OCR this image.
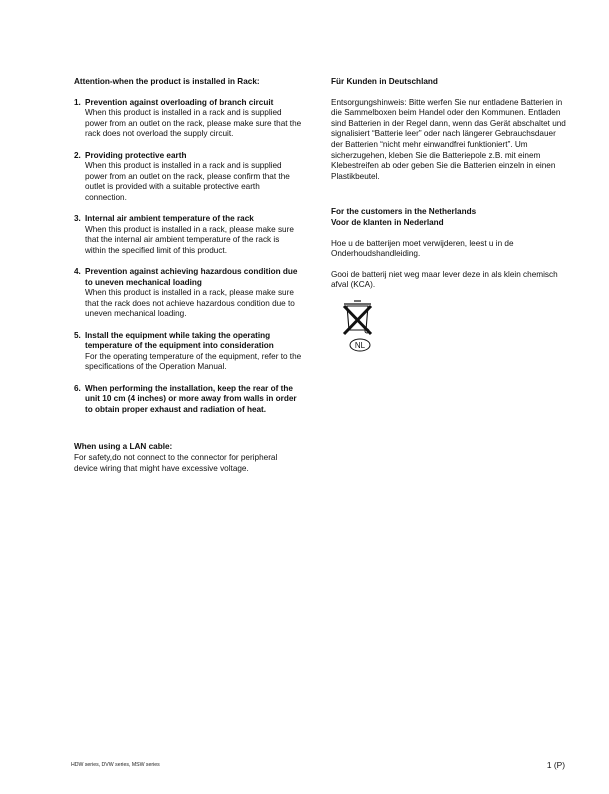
Attention-when the product is installed in Rack:

1. Prevention against overloading of branch circuit
When this product is installed in a rack and is supplied power from an outlet on the rack, please make sure that the rack does not overload the supply circuit.
2. Providing protective earth
When this product is installed in a rack and is supplied power from an outlet on the rack, please confirm that the outlet is provided with a suitable protective earth connection.
3. Internal air ambient temperature of the rack
When this product is installed in a rack, please make sure that the internal air ambient temperature of the rack is within the specified limit of this product.
4. Prevention against achieving hazardous condition due to uneven mechanical loading
When this product is installed in a rack, please make sure that the rack does not achieve hazardous condition due to uneven mechanical loading.
5. Install the equipment while taking the operating temperature of the equipment into consideration
For the operating temperature of the equipment, refer to the specifications of the Operation Manual.
6. When performing the installation, keep the rear of the unit 10 cm (4 inches) or more away from walls in order to obtain proper exhaust and radiation of heat.

When using a LAN cable:

For safety,do not connect to the connector for peripheral device wiring that might have excessive voltage.

Für Kunden in Deutschland

Entsorgungshinweis: Bitte werfen Sie nur entladene Batterien in die Sammelboxen beim Handel oder den Kommunen. Entladen sind Batterien in der Regel dann, wenn das Gerät abschaltet und signalisiert “Batterie leer” oder nach längerer Gebrauchsdauer der Batterien “nicht mehr einwandfrei funktioniert”. Um sicherzugehen, kleben Sie die Batteriepole z.B. mit einem Klebestreifen ab oder geben Sie die Batterien einzeln in einen Plastikbeutel.

For the customers in the Netherlands

Voor de klanten in Nederland

Hoe u de batterijen moet verwijderen, leest u in de Onderhoudshandleiding.

Gooi de batterij niet weg maar lever deze in als klein chemisch afval (KCA).

NL
HDW series, DVW series, MSW series	1 (P)
